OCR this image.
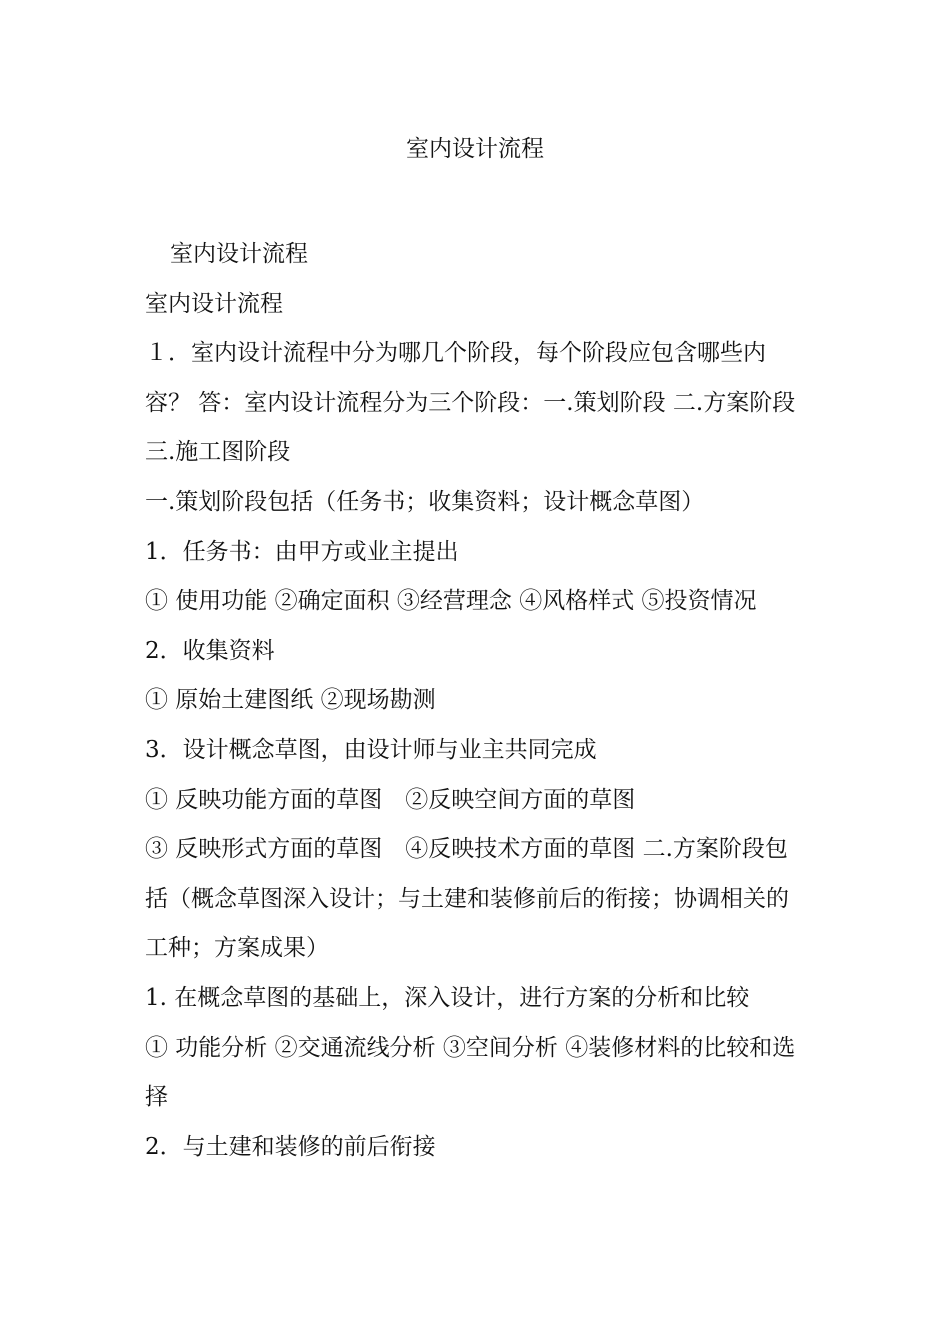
室内设计流程

室内设计流程

室内设计流程

１．室内设计流程中分为哪几个阶段，每个阶段应包含哪些内容？ 答：室内设计流程分为三个阶段：一.策划阶段 二.方案阶段三.施工图阶段

一.策划阶段包括（任务书；收集资料；设计概念草图）

1．任务书：由甲方或业主提出

① 使用功能 ②确定面积 ③经营理念 ④风格样式 ⑤投资情况

2．收集资料

① 原始土建图纸 ②现场勘测

3．设计概念草图，由设计师与业主共同完成

① 反映功能方面的草图　②反映空间方面的草图

③ 反映形式方面的草图　④反映技术方面的草图 二.方案阶段包括（概念草图深入设计；与土建和装修前后的衔接；协调相关的工种；方案成果）

1. 在概念草图的基础上，深入设计，进行方案的分析和比较

① 功能分析 ②交通流线分析 ③空间分析 ④装修材料的比较和选择

2．与土建和装修的前后衔接
